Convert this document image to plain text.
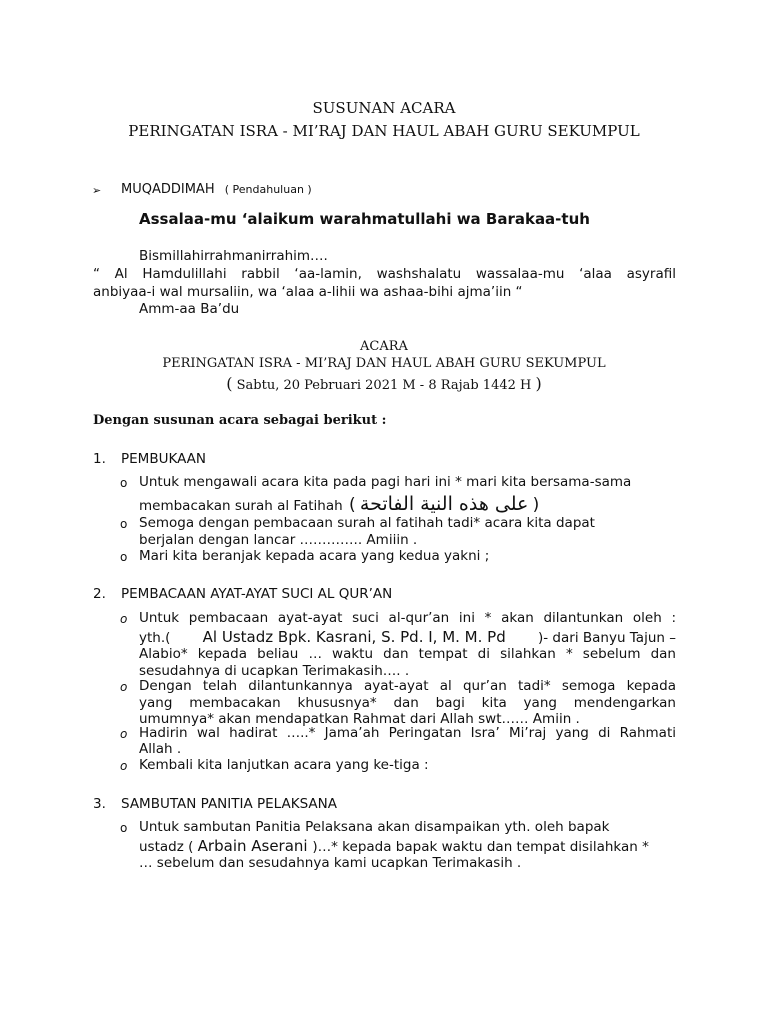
SUSUNAN ACARA
PERINGATAN ISRA - MI’RAJ DAN HAUL ABAH GURU SEKUMPUL
➢ MUQADDIMAH ( Pendahuluan )
Assalaa-mu ‘alaikum warahmatullahi wa Barakaa-tuh
Bismillahirrahmanirrahim….
“ Al Hamdulillahi rabbil ‘aa-lamin, washshalatu wassalaa-mu ‘alaa asyrafil
anbiyaa-i wal mursaliin, wa ‘alaa a-lihii wa ashaa-bihi ajma’iin “
Amm-aa Ba’du
ACARA
PERINGATAN ISRA - MI’RAJ DAN HAUL ABAH GURU SEKUMPUL
( Sabtu, 20 Pebruari 2021 M - 8 Rajab 1442 H )
Dengan susunan acara sebagai berikut :
1. PEMBUKAAN
o Untuk mengawali acara kita pada pagi hari ini * mari kita bersama-sama
membacakan surah al Fatihah ( على هذه النية الفاتحة )
o Semoga dengan pembacaan surah al fatihah tadi* acara kita dapat
berjalan dengan lancar ………….. Amiiin .
o Mari kita beranjak kepada acara yang kedua yakni ;
2. PEMBACAAN AYAT-AYAT SUCI AL QUR’AN
o Untuk pembacaan ayat-ayat suci al-qur’an ini * akan dilantunkan oleh :
yth.( Al Ustadz Bpk. Kasrani, S. Pd. I, M. M. Pd )- dari Banyu Tajun –
Alabio* kepada beliau … waktu dan tempat di silahkan * sebelum dan
sesudahnya di ucapkan Terimakasih…. .
o Dengan telah dilantunkannya ayat-ayat al qur’an tadi* semoga kepada
yang membacakan khususnya* dan bagi kita yang mendengarkan
umumnya* akan mendapatkan Rahmat dari Allah swt…… Amiin .
o Hadirin wal hadirat …..* Jama’ah Peringatan Isra’ Mi’raj yang di Rahmati
Allah .
o Kembali kita lanjutkan acara yang ke-tiga :
3. SAMBUTAN PANITIA PELAKSANA
o Untuk sambutan Panitia Pelaksana akan disampaikan yth. oleh bapak
ustadz ( Arbain Aserani )…* kepada bapak waktu dan tempat disilahkan *
… sebelum dan sesudahnya kami ucapkan Terimakasih .
